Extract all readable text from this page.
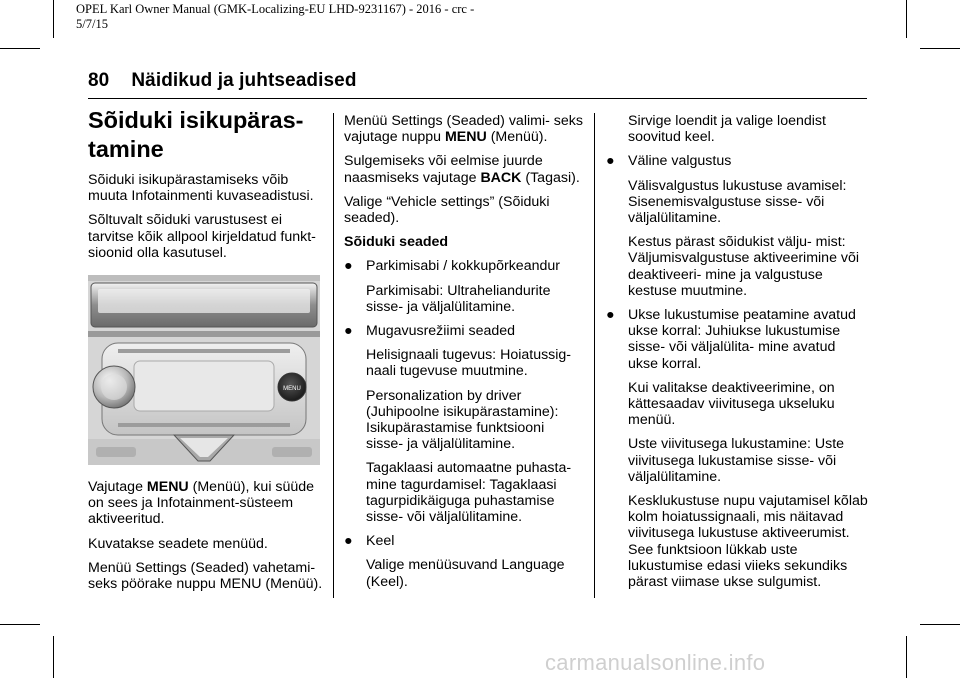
OPEL Karl Owner Manual (GMK-Localizing-EU LHD-9231167) - 2016 - crc -
5/7/15
80 Näidikud ja juhtseadised
Sõiduki isikupäras-
tamine

Sõiduki isikupärastamiseks võib muuta Infotainmenti kuvaseadistusi.

Sõltuvalt sõiduki varustusest ei tarvitse kõik allpool kirjeldatud funkt- sioonid olla kasutusel.

MENU

Vajutage MENU (Menüü), kui süüde on sees ja Infotainment-süsteem aktiveeritud.

Kuvatakse seadete menüüd.

Menüü Settings (Seaded) vahetami- seks pöörake nuppu MENU (Menüü).

Menüü Settings (Seaded) valimi- seks vajutage nuppu MENU (Menüü).

Sulgemiseks või eelmise juurde naasmiseks vajutage BACK (Tagasi).

Valige “Vehicle settings” (Sõiduki seaded).

Sõiduki seaded

● Parkimisabi / kokkupõrkeandur

Parkimisabi: Ultraheliandurite sisse- ja väljalülitamine.

● Mugavusrežiimi seaded

Helisignaali tugevus: Hoiatussig- naali tugevuse muutmine.

Personalization by driver (Juhipoolne isikupärastamine): Isikupärastamise funktsiooni sisse- ja väljalülitamine.

Tagaklaasi automaatne puhasta- mine tagurdamisel: Tagaklaasi tagurpidikäiguga puhastamise sisse- või väljalülitamine.

● Keel

Valige menüüsuvand Language (Keel).

Sirvige loendit ja valige loendist soovitud keel.

● Väline valgustus

Välisvalgustus lukustuse avamisel: Sisenemisvalgustuse sisse- või väljalülitamine.

Kestus pärast sõidukist välju- mist: Väljumisvalgustuse aktiveerimine või deaktiveeri- mine ja valgustuse kestuse muutmine.

● Ukse lukustumise peatamine avatud ukse korral: Juhiukse lukustumise sisse- või väljalülita- mine avatud ukse korral.

Kui valitakse deaktiveerimine, on kättesaadav viivitusega ukseluku menüü.

Uste viivitusega lukustamine: Uste viivitusega lukustamise sisse- või väljalülitamine.

Kesklukustuse nupu vajutamisel kõlab kolm hoiatussignaali, mis näitavad viivitusega lukustuse aktiveerumist. See funktsioon lükkab uste lukustumise edasi viieks sekundiks pärast viimase ukse sulgumist.

carmanualsonline.info
